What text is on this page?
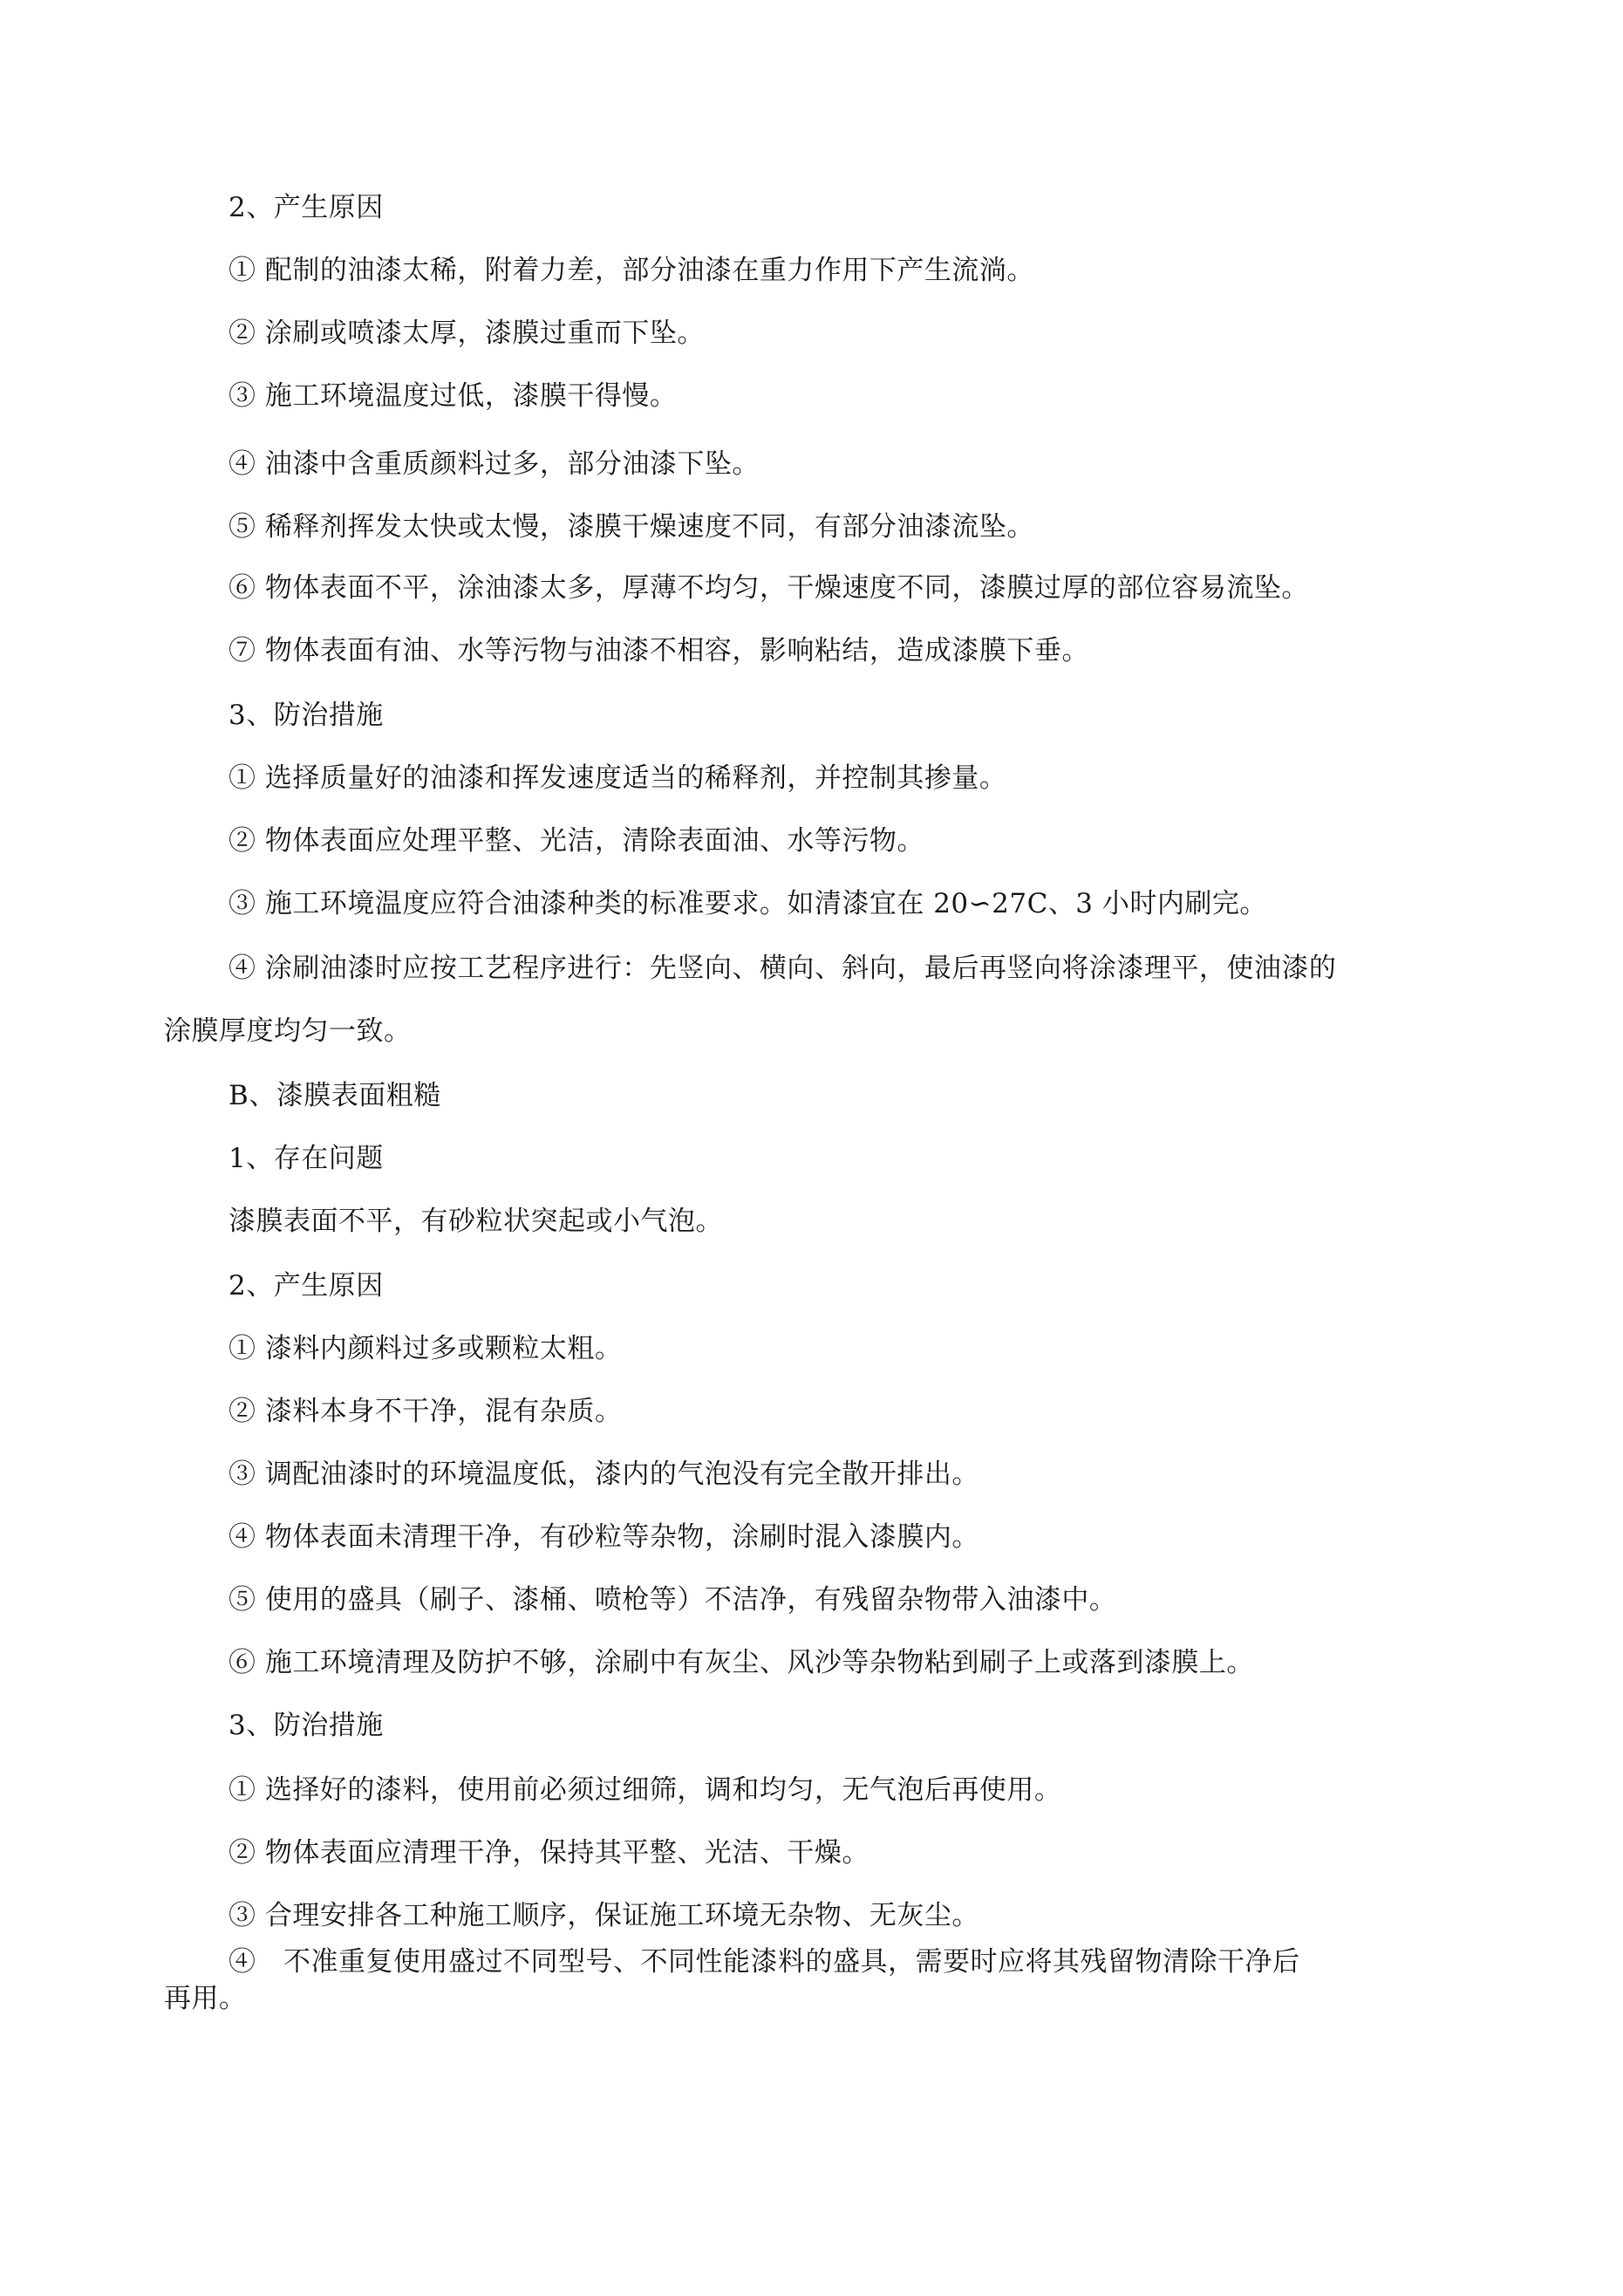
2、产生原因
① 配制的油漆太稀，附着力差，部分油漆在重力作用下产生流淌。
② 涂刷或喷漆太厚，漆膜过重而下坠。
③ 施工环境温度过低，漆膜干得慢。
④ 油漆中含重质颜料过多，部分油漆下坠。
⑤ 稀释剂挥发太快或太慢，漆膜干燥速度不同，有部分油漆流坠。
⑥ 物体表面不平，涂油漆太多，厚薄不均匀，干燥速度不同，漆膜过厚的部位容易流坠。
⑦ 物体表面有油、水等污物与油漆不相容，影响粘结，造成漆膜下垂。
3、防治措施
① 选择质量好的油漆和挥发速度适当的稀释剂，并控制其掺量。
② 物体表面应处理平整、光洁，清除表面油、水等污物。
③ 施工环境温度应符合油漆种类的标准要求。如清漆宜在 20∽27C、3 小时内刷完。
④ 涂刷油漆时应按工艺程序进行：先竖向、横向、斜向，最后再竖向将涂漆理平，使油漆的
涂膜厚度均匀一致。
B、漆膜表面粗糙
1、存在问题
漆膜表面不平，有砂粒状突起或小气泡。
2、产生原因
① 漆料内颜料过多或颗粒太粗。
② 漆料本身不干净，混有杂质。
③ 调配油漆时的环境温度低，漆内的气泡没有完全散开排出。
④ 物体表面未清理干净，有砂粒等杂物，涂刷时混入漆膜内。
⑤ 使用的盛具（刷子、漆桶、喷枪等）不洁净，有残留杂物带入油漆中。
⑥ 施工环境清理及防护不够，涂刷中有灰尘、风沙等杂物粘到刷子上或落到漆膜上。
3、防治措施
① 选择好的漆料，使用前必须过细筛，调和均匀，无气泡后再使用。
② 物体表面应清理干净，保持其平整、光洁、干燥。
③ 合理安排各工种施工顺序，保证施工环境无杂物、无灰尘。
④　不准重复使用盛过不同型号、不同性能漆料的盛具，需要时应将其残留物清除干净后
再用。
